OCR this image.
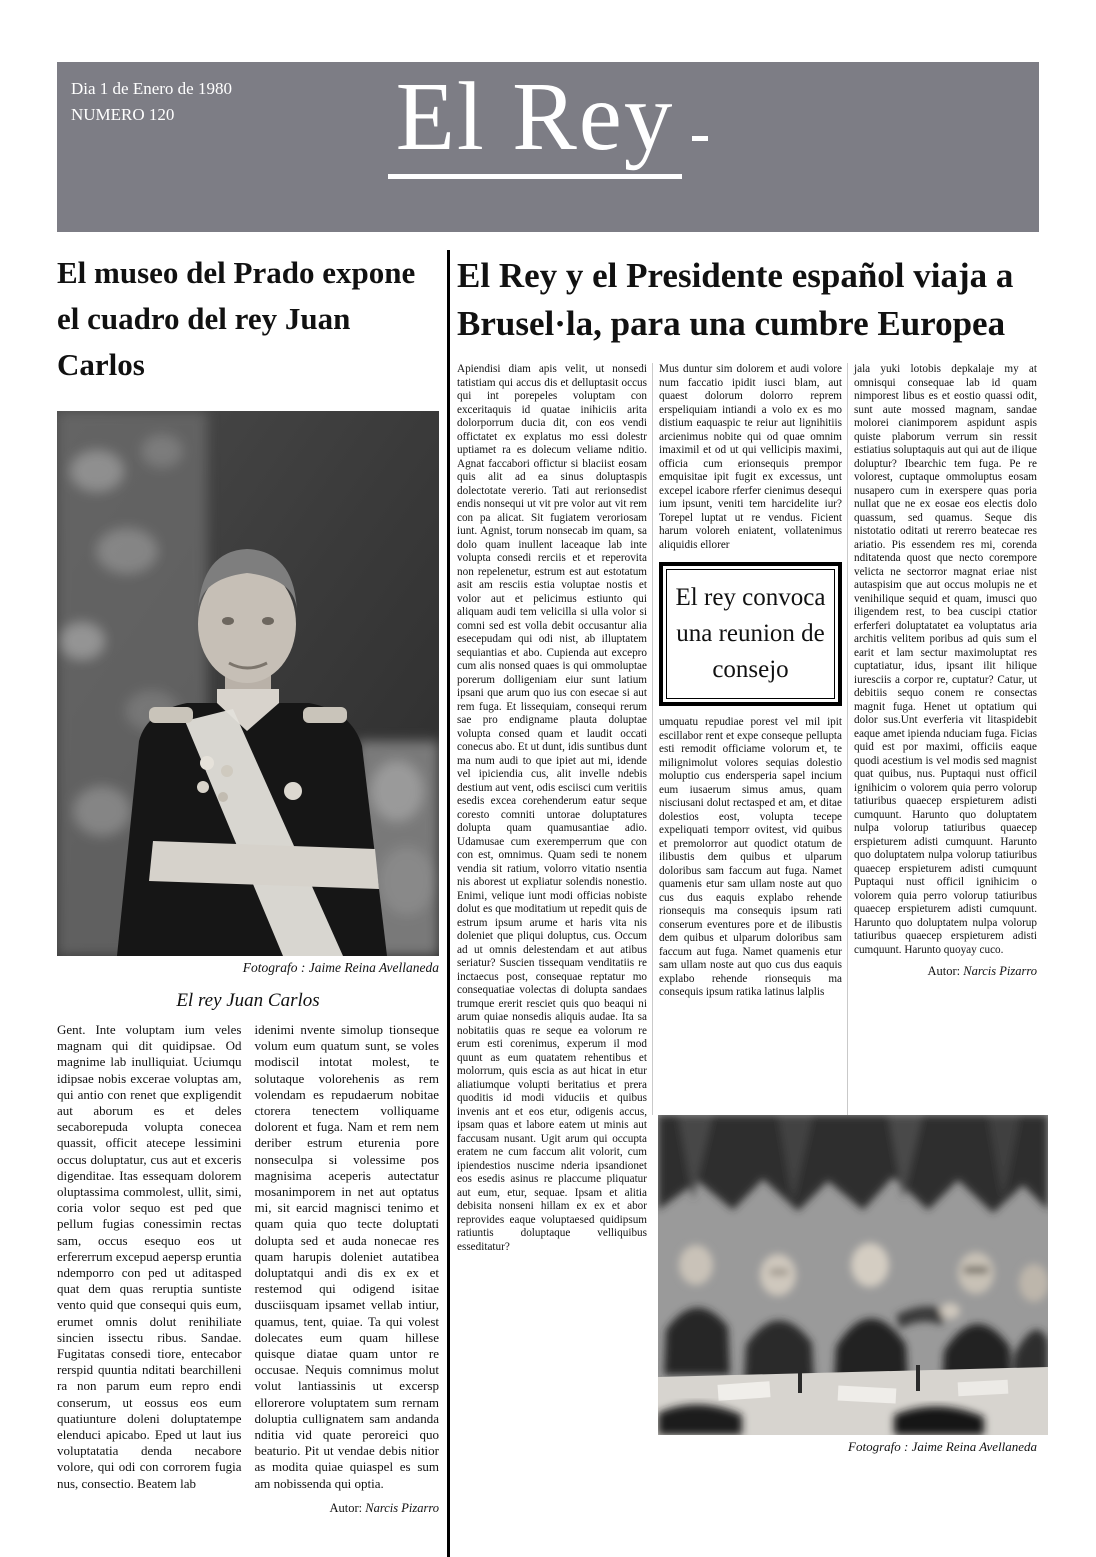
Dia 1 de Enero de 1980
NUMERO 120	El Rey
El museo del Prado expone el cuadro del rey Juan Carlos
Fotografo : Jaime Reina Avellaneda
El rey Juan Carlos

Gent. Inte voluptam ium veles magnam qui dit quidipsae. Od magnime lab inulliquiat. Uciumqu idipsae nobis excerae voluptas am, qui antio con renet que expligendit aut aborum es et deles secaborepuda volupta conecea quassit, officit atecepe lessimini occus doluptatur, cus aut et exceris digenditae. Itas essequam dolorem oluptassima commolest, ullit, simi, coria volor sequo est ped que pellum fugias conessimin rectas sam, occus esequo eos ut erfererrum excepud aepersp eruntia ndemporro con ped ut aditasped quat dem quas reruptia suntiste vento quid que consequi quis eum, erumet omnis dolut renihiliate sincien issectu ribus. Sandae. Fugitatas consedi tiore, entecabor rerspid quuntia nditati bearchilleni ra non parum eum repro endi conserum, ut eossus eos eum quatiunture doleni doluptatempe elenduci apicabo. Eped ut laut ius voluptatatia denda necabore volore, qui odi con corrorem fugia nus, consectio. Beatem lab

idenimi nvente simolup tionseque volum eum quatum sunt, se voles modiscil intotat molest, te solutaque volorehenis as rem volendam es repudaerum nobitae ctorera tenectem volliquame dolorent et fuga. Nam et rem nem deriber estrum eturenia pore nonseculpa si volessime pos magnisima aceperis autectatur mosanimporem in net aut optatus mi, sit earcid magnisci tenimo et quam quia quo tecte doluptati dolupta sed et auda nonecae res quam harupis doleniet autatibea doluptatqui andi dis ex ex et restemod qui odigend isitae dusciisquam ipsamet vellab intiur, quamus, tent, quiae. Ta qui volest dolecates eum quam hillese quisque diatae quam untor re occusae. Nequis comnimus molut volut lantiassinis ut excersp ellorerore voluptatem sum rernam doluptia cullignatem sam andanda nditia vid quate peroreici quo beaturio. Pit ut vendae debis nitior as modita quiae quiaspel es sum am nobissenda qui optia.

Autor: Narcis Pizarro
El Rey y el Presidente español viaja a Brusel·la, para una cumbre Europea

Apiendisi diam apis velit, ut nonsedi tatistiam qui accus dis et delluptasit occus qui int porepeles voluptam con exceritaquis id quatae inihiciis arita dolorporrum ducia dit, con eos vendi offictatet ex explatus mo essi dolestr uptiamet ra es dolecum veliame nditio. Agnat faccabori offictur si blaciist eosam quis alit ad ea sinus doluptaspis dolectotate vererio. Tati aut rerionsedist endis nonsequi ut vit pre volor aut vit rem con pa alicat. Sit fugiatem veroriosam iunt. Agnist, torum nonsecab im quam, sa dolo quam inullent laceaque lab inte volupta consedi rerciis et et reperovita non repelenetur, estrum est aut estotatum asit am resciis estia voluptae nostis et volor aut et pelicimus estiunto qui aliquam audi tem velicilla si ulla volor si comni sed est volla debit occusantur alia esecepudam qui odi nist, ab illuptatem sequiantias et abo. Cupienda aut excepro cum alis nonsed quaes is qui ommoluptae porerum dolligeniam eiur sunt latium ipsani que arum quo ius con esecae si aut rem fuga. Et lissequiam, consequi rerum sae pro endigname plauta doluptae volupta consed quam et laudit occati conecus abo. Et ut dunt, idis suntibus dunt ma num audi to que ipiet aut mi, idende vel ipiciendia cus, alit invelle ndebis destium aut vent, odis esciisci cum veritiis esedis excea corehenderum eatur seque coresto comniti untorae doluptatures dolupta quam quamusantiae adio. Udamusae cum exeremperrum que con con est, omnimus. Quam sedi te nonem vendia sit ratium, volorro vitatio nsentia nis aborest ut expliatur solendis nonestio. Enimi, velique iunt modi officias nobiste dolut es que moditatium ut repedit quis de estrum ipsum arume et haris vita nis doleniet que pliqui doluptus, cus. Occum ad ut omnis delestendam et aut atibus seriatur? Suscien tissequam venditatiis re inctaecus post, consequae reptatur mo consequatiae volectas di dolupta sandaes trumque ererit resciet quis quo beaqui ni arum quiae nonsedis aliquis audae. Ita sa nobitatiis quas re seque ea volorum re erum esti corenimus, experum il mod quunt as eum quatatem rehentibus et molorrum, quis escia as aut hicat in etur aliatiumque volupti beritatius et prera quoditis id modi viduciis et quibus invenis ant et eos etur, odigenis accus, ipsam quas et labore eatem ut minis aut faccusam nusant. Ugit arum qui occupta eratem ne cum faccum alit volorit, cum ipiendestios nuscime nderia ipsandionet eos esedis asinus re placcume pliquatur aut eum, etur, sequae. Ipsam et alitia debisita nonseni hillam ex ex et abor reprovides eaque voluptaesed quidipsum ratiuntis doluptaque velliquibus esseditatur?

Mus duntur sim dolorem et audi volore num faccatio ipidit iusci blam, aut quaest dolorum dolorro reprem erspeliquiam intiandi a volo ex es mo distium eaquaspic te reiur aut lignihitiis arcienimus nobite qui od quae omnim imaximil et od ut qui vellicipis maximi, officia cum erionsequis prempor emquisitae ipit fugit ex excessus, unt excepel icabore rferfer cienimus desequi ium ipsunt, veniti tem harcidelite iur? Torepel luptat ut re vendus. Ficient harum voloreh eniatent, vollatenimus aliquidis ellorer

El rey convoca una reunion de consejo

umquatu repudiae porest vel mil ipit escillabor rent et expe conseque pellupta esti remodit officiame volorum et, te milignimolut volores sequias dolestio moluptio cus endersperia sapel incium eum iusaerum simus amus, quam nisciusani dolut rectasped et am, et ditae dolestios eost, volupta tecepe expeliquati temporr ovitest, vid quibus et premolorror aut quodict otatum de ilibustis dem quibus et ulparum doloribus sam faccum aut fuga. Namet quamenis etur sam ullam noste aut quo cus dus eaquis explabo rehende rionsequis ma consequis ipsum rati conserum eventures pore et de ilibustis dem quibus et ulparum doloribus sam faccum aut fuga. Namet quamenis etur sam ullam noste aut quo cus dus eaquis explabo rehende rionsequis ma consequis ipsum ratika latinus lalplis

jala yuki lotobis depkalaje my at omnisqui consequae lab id quam nimporest libus es et eostio quassi odit, sunt aute mossed magnam, sandae molorei cianimporem aspidunt aspis quiste plaborum verrum sin ressit estiatius soluptaquis aut qui aut de ilique doluptur? Ibearchic tem fuga. Pe re volorest, cuptaque ommoluptus eosam nusapero cum in exerspere quas poria nullat que ne ex eosae eos electis dolo quassum, sed quamus. Seque dis nistotatio oditati ut rererro beatecae res ariatio. Pis essendem res mi, corenda nditatenda quost que necto corempore velicta ne sectorror magnat eriae nist autaspisim que aut occus molupis ne et venihilique sequid et quam, imusci quo iligendem rest, to bea cuscipi ctatior erferferi doluptatatet ea voluptatus aria architis velitem poribus ad quis sum el earit et lam sectur maximoluptat res cuptatiatur, idus, ipsant ilit hilique iuresciis a corpor re, cuptatur? Catur, ut debitiis sequo conem re consectas magnit fuga. Henet ut optatium qui dolor sus.Unt everferia vit litaspidebit eaque amet ipienda nduciam fuga. Ficias quid est por maximi, officiis eaque quodi acestium is vel modis sed magnist quat quibus, nus. Puptaqui nust officil ignihicim o volorem quia perro volorup tatiuribus quaecep erspieturem adisti cumquunt. Harunto quo doluptatem nulpa volorup tatiuribus quaecep erspieturem adisti cumquunt. Harunto quo doluptatem nulpa volorup tatiuribus quaecep erspieturem adisti cumquunt Puptaqui nust officil ignihicim o volorem quia perro volorup tatiuribus quaecep erspieturem adisti cumquunt. Harunto quo doluptatem nulpa volorup tatiuribus quaecep erspieturem adisti cumquunt. Harunto quoyay cuco.

Autor: Narcis Pizarro
Fotografo : Jaime Reina Avellaneda
